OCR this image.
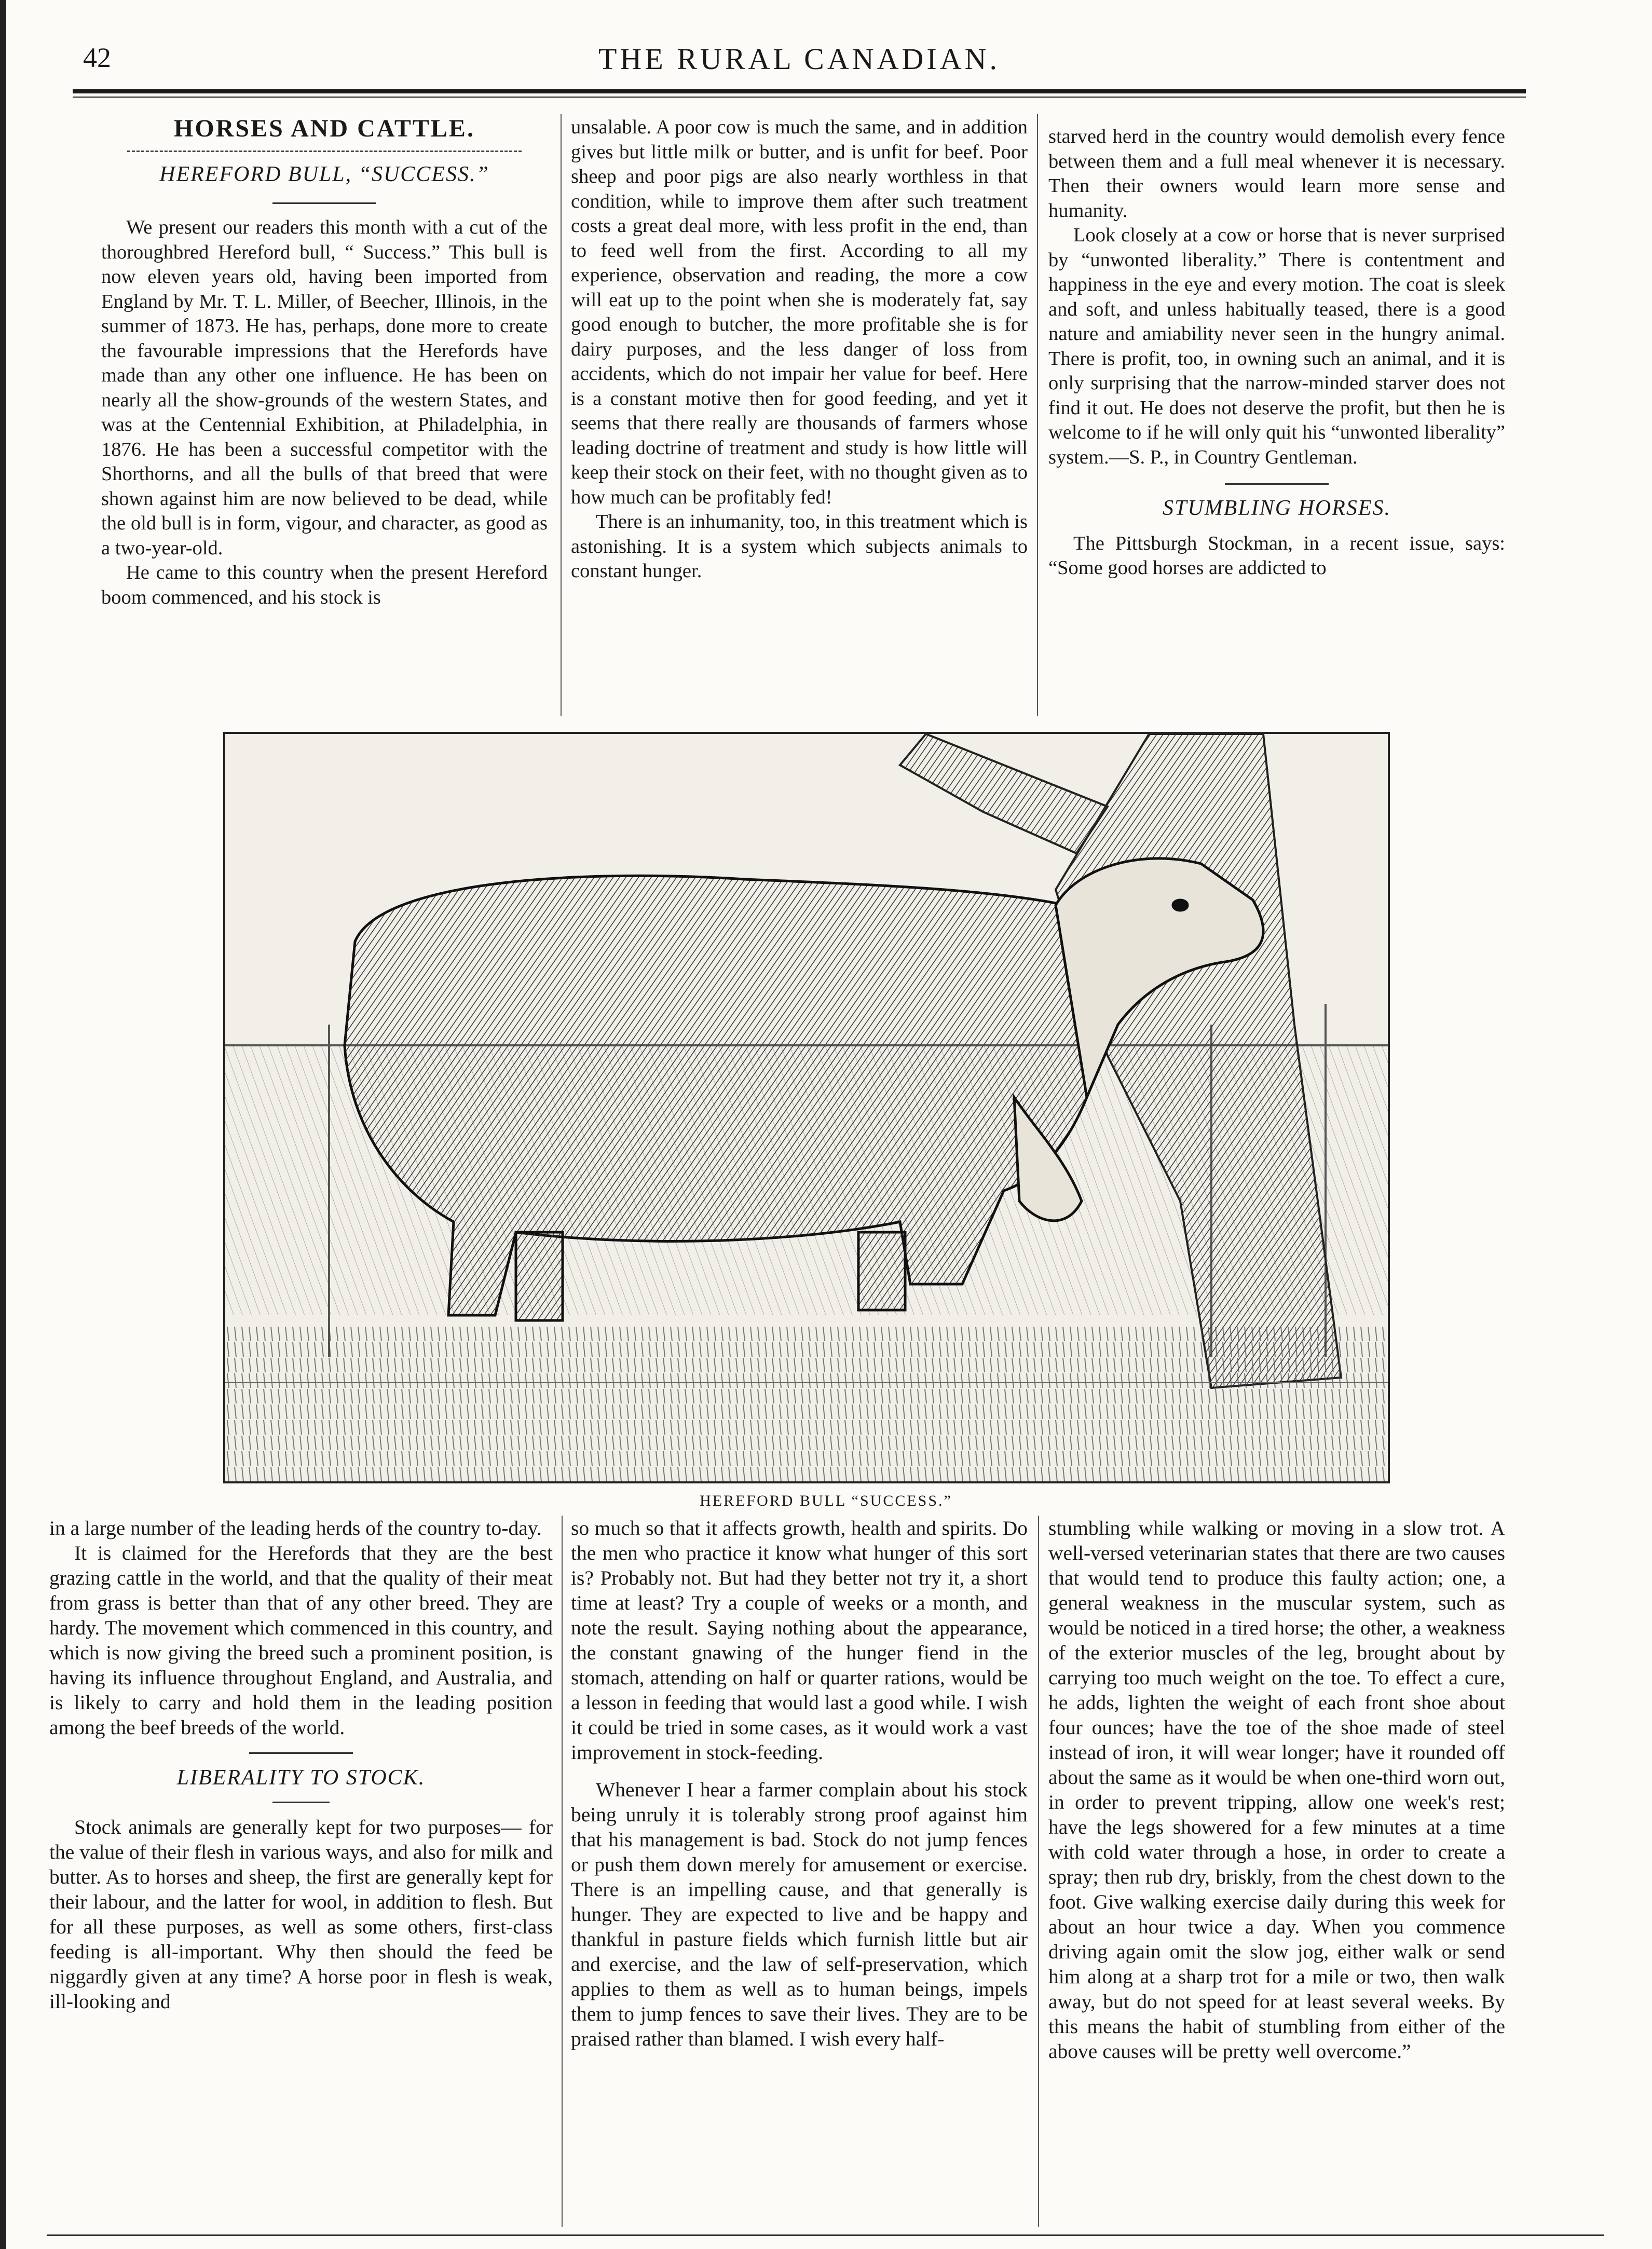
42	THE RURAL CANADIAN.
HORSES AND CATTLE.
HEREFORD BULL, “SUCCESS.”

We present our readers this month with a cut of the thoroughbred Hereford bull, “ Success.” This bull is now eleven years old, having been imported from England by Mr. T. L. Miller, of Beecher, Illinois, in the summer of 1873. He has, perhaps, done more to create the favourable impressions that the Herefords have made than any other one influence. He has been on nearly all the show-grounds of the western States, and was at the Centennial Exhibition, at Philadelphia, in 1876. He has been a successful competitor with the Shorthorns, and all the bulls of that breed that were shown against him are now believed to be dead, while the old bull is in form, vigour, and character, as good as a two-year-old.

He came to this country when the present Hereford boom commenced, and his stock is

unsalable. A poor cow is much the same, and in addition gives but little milk or butter, and is unfit for beef. Poor sheep and poor pigs are also nearly worthless in that condition, while to improve them after such treatment costs a great deal more, with less profit in the end, than to feed well from the first. According to all my experience, observation and reading, the more a cow will eat up to the point when she is moderately fat, say good enough to butcher, the more profitable she is for dairy purposes, and the less danger of loss from accidents, which do not impair her value for beef. Here is a constant motive then for good feeding, and yet it seems that there really are thousands of farmers whose leading doctrine of treatment and study is how little will keep their stock on their feet, with no thought given as to how much can be profitably fed!

There is an inhumanity, too, in this treatment which is astonishing. It is a system which subjects animals to constant hunger.

starved herd in the country would demolish every fence between them and a full meal whenever it is necessary. Then their owners would learn more sense and humanity.

Look closely at a cow or horse that is never surprised by “unwonted liberality.” There is contentment and happiness in the eye and every motion. The coat is sleek and soft, and unless habitually teased, there is a good nature and amiability never seen in the hungry animal. There is profit, too, in owning such an animal, and it is only surprising that the narrow-minded starver does not find it out. He does not deserve the profit, but then he is welcome to if he will only quit his “unwonted liberality” system.—S. P., in Country Gentleman.

STUMBLING HORSES.

The Pittsburgh Stockman, in a recent issue, says: “Some good horses are addicted to

HEREFORD BULL “SUCCESS.”

in a large number of the leading herds of the country to-day.

It is claimed for the Herefords that they are the best grazing cattle in the world, and that the quality of their meat from grass is better than that of any other breed. They are hardy. The movement which commenced in this country, and which is now giving the breed such a prominent position, is having its influence throughout England, and Australia, and is likely to carry and hold them in the leading position among the beef breeds of the world.

LIBERALITY TO STOCK.

Stock animals are generally kept for two purposes— for the value of their flesh in various ways, and also for milk and butter. As to horses and sheep, the first are generally kept for their labour, and the latter for wool, in addition to flesh. But for all these purposes, as well as some others, first-class feeding is all-important. Why then should the feed be niggardly given at any time? A horse poor in flesh is weak, ill-looking and

so much so that it affects growth, health and spirits. Do the men who practice it know what hunger of this sort is? Probably not. But had they better not try it, a short time at least? Try a couple of weeks or a month, and note the result. Saying nothing about the appearance, the constant gnawing of the hunger fiend in the stomach, attending on half or quarter rations, would be a lesson in feeding that would last a good while. I wish it could be tried in some cases, as it would work a vast improvement in stock-feeding.

Whenever I hear a farmer complain about his stock being unruly it is tolerably strong proof against him that his management is bad. Stock do not jump fences or push them down merely for amusement or exercise. There is an impelling cause, and that generally is hunger. They are expected to live and be happy and thankful in pasture fields which furnish little but air and exercise, and the law of self-preservation, which applies to them as well as to human beings, impels them to jump fences to save their lives. They are to be praised rather than blamed. I wish every half-

stumbling while walking or moving in a slow trot. A well-versed veterinarian states that there are two causes that would tend to produce this faulty action; one, a general weakness in the muscular system, such as would be noticed in a tired horse; the other, a weakness of the exterior muscles of the leg, brought about by carrying too much weight on the toe. To effect a cure, he adds, lighten the weight of each front shoe about four ounces; have the toe of the shoe made of steel instead of iron, it will wear longer; have it rounded off about the same as it would be when one-third worn out, in order to prevent tripping, allow one week's rest; have the legs showered for a few minutes at a time with cold water through a hose, in order to create a spray; then rub dry, briskly, from the chest down to the foot. Give walking exercise daily during this week for about an hour twice a day. When you commence driving again omit the slow jog, either walk or send him along at a sharp trot for a mile or two, then walk away, but do not speed for at least several weeks. By this means the habit of stumbling from either of the above causes will be pretty well overcome.”
